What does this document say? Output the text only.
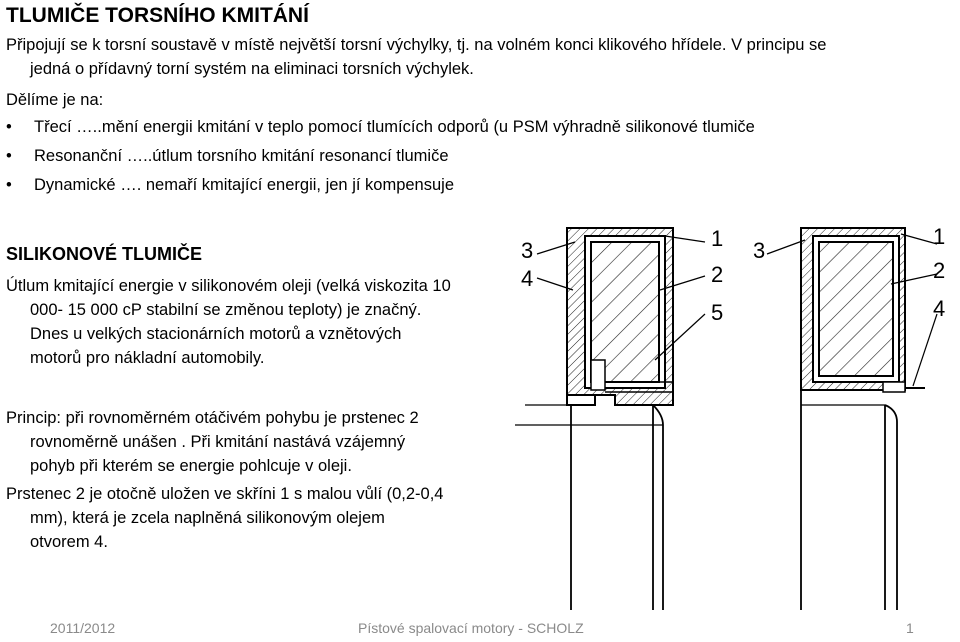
TLUMIČE TORSNÍHO KMITÁNÍ
Připojují se k torsní soustavě v místě největší torsní výchylky, tj. na volném konci klikového hřídele. V principu se
jedná o přídavný torní systém na eliminaci torsních výchylek.
Dělíme je na:
• Třecí …..mění energii kmitání v teplo pomocí tlumících odporů (u PSM výhradně silikonové tlumiče
• Resonanční …..útlum torsního kmitání resonancí tlumiče
• Dynamické …. nemaří kmitající energii, jen jí kompensuje
SILIKONOVÉ TLUMIČE
Útlum kmitající energie v silikonovém oleji (velká viskozita 10
000- 15 000 cP stabilní se změnou teploty) je značný.
Dnes u velkých stacionárních motorů a vznětových
motorů pro nákladní automobily.
Princip: při rovnoměrném otáčivém pohybu je prstenec 2
rovnoměrně unášen . Při kmitání nastává vzájemný
pohyb při kterém se energie pohlcuje v oleji.
Prstenec 2 je otočně uložen ve skříni 1 s malou vůlí (0,2-0,4
mm), která je zcela naplněná silikonovým olejem
otvorem 4.
3
4
1
2
5
3
1
2
4
2011/2012	Pístové spalovací motory - SCHOLZ	1
